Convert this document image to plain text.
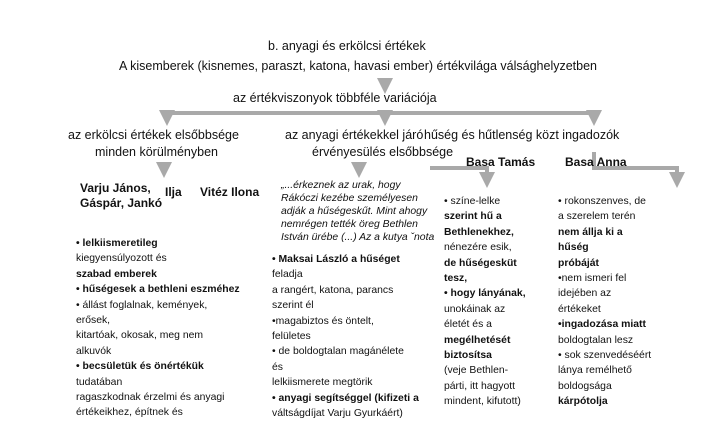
b. anyagi és erkölcsi értékek
A kisemberek (kisnemes, paraszt, katona, havasi ember) értékvilága válsághelyzetben
az értékviszonyok többféle variációja
az erkölcsi értékek elsőbbsége
minden körülményben
az anyagi értékekkel járó
érvényesülés elsőbbsége
hűség és hűtlenség közt ingadozók
Varju János, Ilja Vitéz Ilona
Gáspár, Jankó
Basa Tamás Basa Anna
„...érkeznek az urak, hogy
Rákóczi kezébe személyesen
adják a hűségeskűt. Mint ahogy
nemrégen tették öreg Bethlen
István ürébe (...) Az a kutya ˇnota
• lelkiismeretileg
kiegyensúlyozott és
szabad emberek
• hűségesek a bethleni eszméhez
• állást foglalnak, kemények,
erősek,
kitartóak, okosak, meg nem
alkuvók
• becsületük és önértékük
tudatában
ragaszkodnak érzelmi és anyagi
értékeikhez, építnek és
• Maksai László a hűséget
feladja
a rangért, katona, parancs
szerint él
•magabiztos és öntelt,
felületes
• de boldogtalan magánélete
és
lelkiismerete megtörik
• anyagi segítséggel (kifizeti a
váltságdíjat Varju Gyurkáért)
• színe-lelke
szerint hű a
Bethlenekhez,
nénezére esik,
de hűségesküt
tesz,
• hogy lányának,
unokáinak az
életét és a
megélhetését
biztosítsa
(veje Bethlen-
párti, itt hagyott
mindent, kifutott)
• rokonszenves, de
a szerelem terén
nem állja ki a
hűség
próbáját
•nem ismeri fel
idejében az
értékeket
•ingadozása miatt
boldogtalan lesz
• sok szenvedéséért
lánya remélhető
boldogsága
kárpótolja
